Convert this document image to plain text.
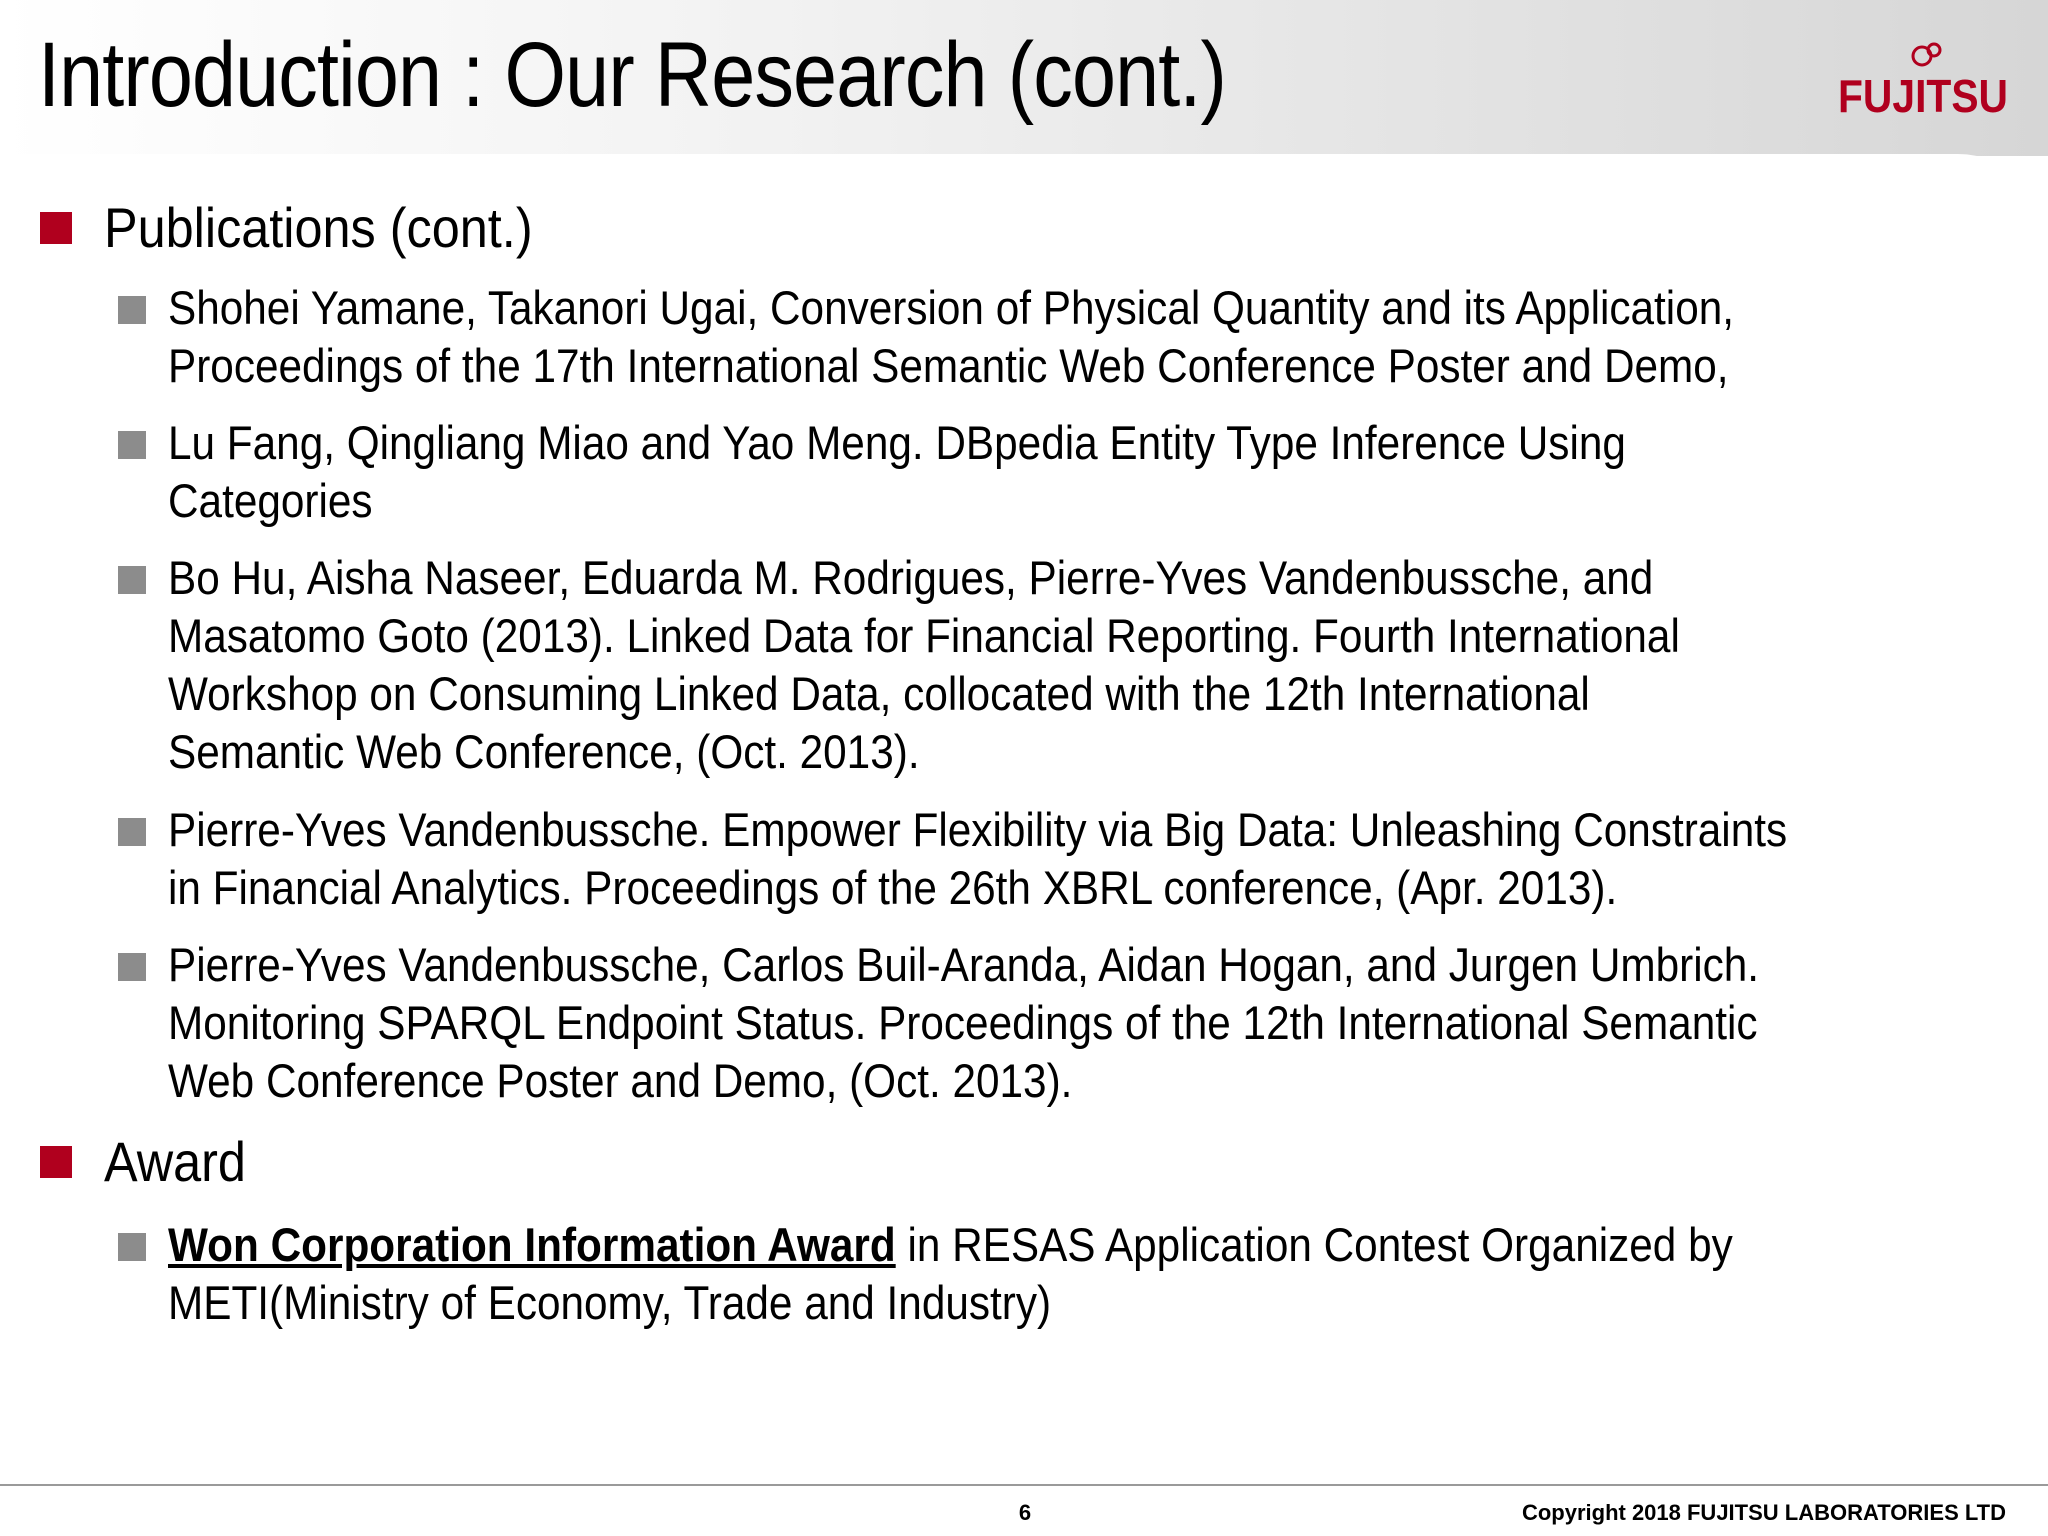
Introduction : Our Research (cont.)	FUJITSU
Publications (cont.)
Shohei Yamane, Takanori Ugai, Conversion of Physical Quantity and its Application,
Proceedings of the 17th International Semantic Web Conference Poster and Demo,
Lu Fang, Qingliang Miao and Yao Meng. DBpedia Entity Type Inference Using
Categories
Bo Hu, Aisha Naseer, Eduarda M. Rodrigues, Pierre-Yves Vandenbussche, and
Masatomo Goto (2013). Linked Data for Financial Reporting. Fourth International
Workshop on Consuming Linked Data, collocated with the 12th International
Semantic Web Conference, (Oct. 2013).
Pierre-Yves Vandenbussche. Empower Flexibility via Big Data: Unleashing Constraints
in Financial Analytics. Proceedings of the 26th XBRL conference, (Apr. 2013).
Pierre-Yves Vandenbussche, Carlos Buil-Aranda, Aidan Hogan, and Jurgen Umbrich.
Monitoring SPARQL Endpoint Status. Proceedings of the 12th International Semantic
Web Conference Poster and Demo, (Oct. 2013).
Award
Won Corporation Information Award in RESAS Application Contest Organized by
METI(Ministry of Economy, Trade and Industry)
6	Copyright 2018 FUJITSU LABORATORIES LTD
